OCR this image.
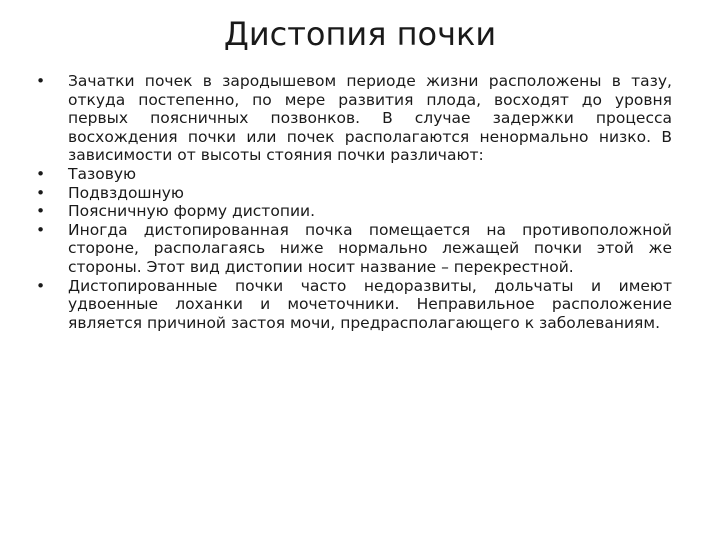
Дистопия почки
•	Зачатки почек в зародышевом периоде жизни расположены в тазу, откуда постепенно, по мере развития плода, восходят до уровня первых поясничных позвонков. В случае задержки процесса восхождения почки или почек располагаются ненормально низко. В зависимости от высоты стояния почки различают:
•	Тазовую
•	Подвздошную
•	Поясничную форму дистопии.
•	Иногда дистопированная почка помещается на противоположной стороне, располагаясь ниже нормально лежащей почки этой же стороны. Этот вид дистопии носит название – перекрестной.
•	Дистопированные почки часто недоразвиты, дольчаты и имеют удвоенные лоханки и мочеточники. Неправильное расположение является причиной застоя мочи, предрасполагающего к заболеваниям.
